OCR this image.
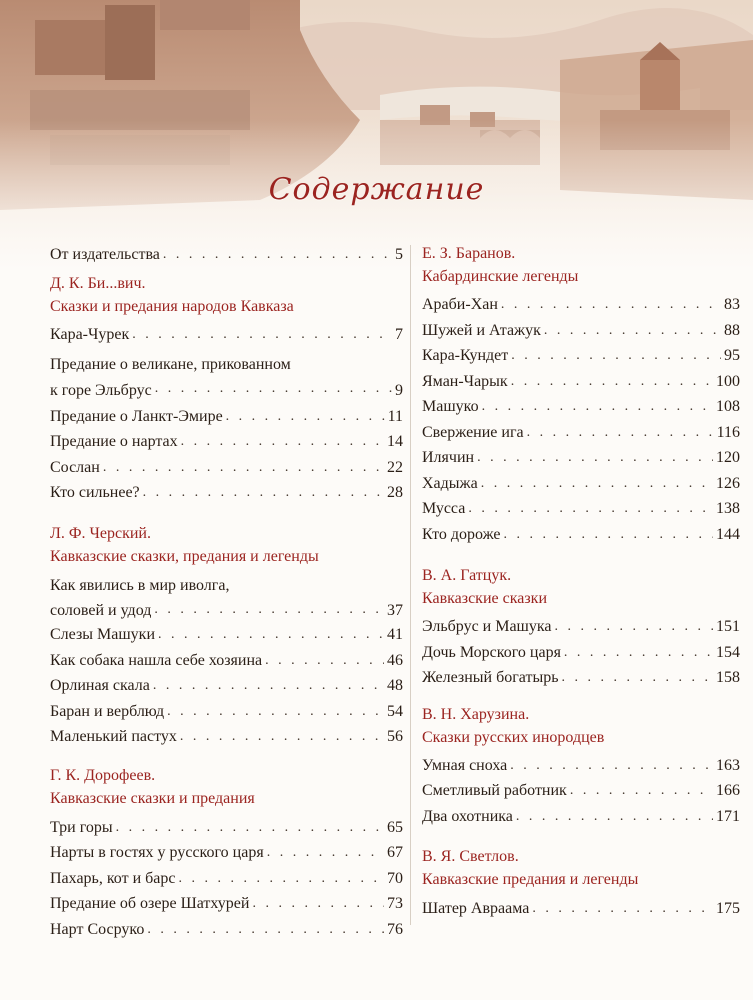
Содержание
От издательства . . .	5
Д. К. Би...вич.
Сказки и предания народов Кавказа
Кара-Чурек . . .	7
Предание о великане, прикованном
к горе Эльбрус . . .	9
Предание о Ланкт-Эмире . . .	11
Предание о нартах . . .	14
Сослан . . .	22
Кто сильнее? . . .	28
Л. Ф. Черский.
Кавказские сказки, предания и легенды
Как явились в мир иволга,
соловей и удод . . .	37
Слезы Машуки . . .	41
Как собака нашла себе хозяина . . .	46
Орлиная скала . . .	48
Баран и верблюд . . .	54
Маленький пастух . . .	56
Г. К. Дорофеев.
Кавказские сказки и предания
Три горы . . .	65
Нарты в гостях у русского царя . . .	67
Пахарь, кот и барс . . .	70
Предание об озере Шатхурей . . .	73
Нарт Сосруко . . .	76
Е. З. Баранов.
Кабардинские легенды
Араби-Хан . . .	83
Шужей и Атажук . . .	88
Кара-Кундет . . .	95
Яман-Чарык . . .	100
Машуко . . .	108
Свержение ига . . .	116
Илячин . . .	120
Хадыжа . . .	126
Мусса . . .	138
Кто дороже . . .	144
В. А. Гатцук.
Кавказские сказки
Эльбрус и Машука . . .	151
Дочь Морского царя . . .	154
Железный богатырь . . .	158
В. Н. Харузина.
Сказки русских инородцев
Умная сноха . . .	163
Сметливый работник . . .	166
Два охотника . . .	171
В. Я. Светлов.
Кавказские предания и легенды
Шатер Авраама . . .	175
